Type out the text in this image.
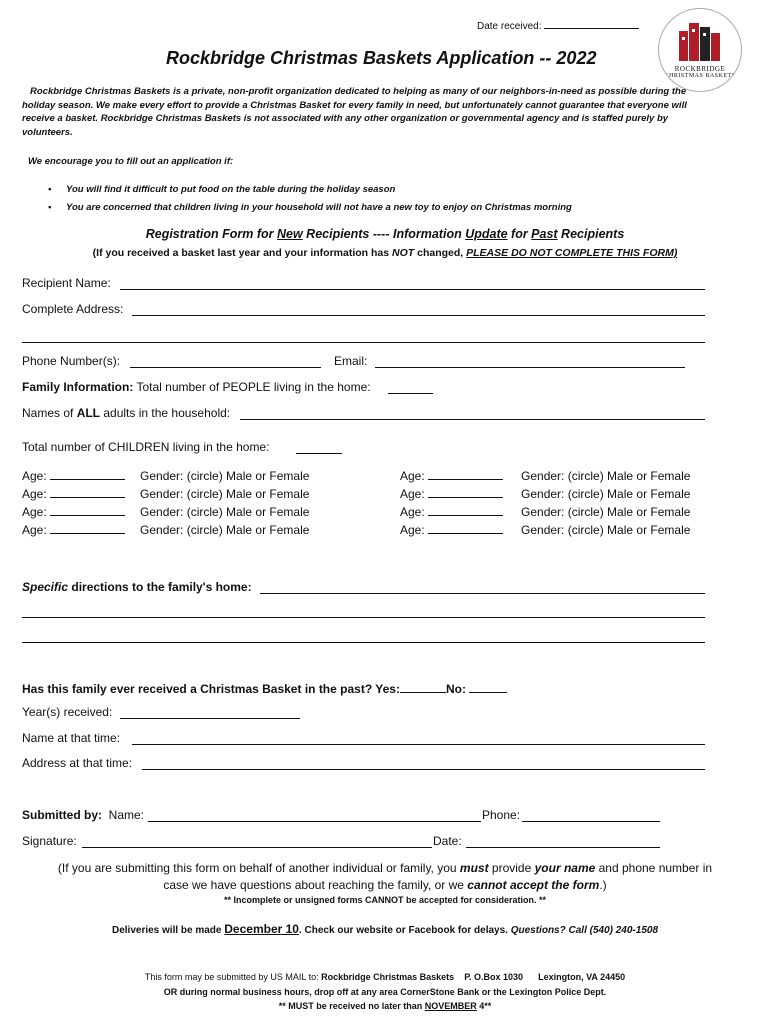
Date received:
ROCKBRIDGE
CHRISTMAS BASKETS
Rockbridge Christmas Baskets Application -- 2022
Rockbridge Christmas Baskets is a private, non-profit organization dedicated to helping as many of our neighbors-in-need as possible during the holiday season. We make every effort to provide a Christmas Basket for every family in need, but unfortunately cannot guarantee that everyone will receive a basket. Rockbridge Christmas Baskets is not associated with any other organization or governmental agency and is staffed purely by volunteers.
We encourage you to fill out an application if:
• You will find it difficult to put food on the table during the holiday season
• You are concerned that children living in your household will not have a new toy to enjoy on Christmas morning
Registration Form for New Recipients ---- Information Update for Past Recipients
(If you received a basket last year and your information has NOT changed, PLEASE DO NOT COMPLETE THIS FORM)
Recipient Name:
Complete Address:
Phone Number(s):	Email:
Family Information: Total number of PEOPLE living in the home:
Names of ALL adults in the household:
Total number of CHILDREN living in the home:
Age:	Gender: (circle) Male or Female
Age:	Gender: (circle) Male or Female
Age:	Gender: (circle) Male or Female
Age:	Gender: (circle) Male or Female
Age:	Gender: (circle) Male or Female
Age:	Gender: (circle) Male or Female
Age:	Gender: (circle) Male or Female
Age:	Gender: (circle) Male or Female
Specific directions to the family's home:
Has this family ever received a Christmas Basket in the past? Yes:	No:
Year(s) received:
Name at that time:
Address at that time:
Submitted by: Name:	Phone:
Signature:	Date:
(If you are submitting this form on behalf of another individual or family, you must provide your name and phone number in
case we have questions about reaching the family, or we cannot accept the form.)
** Incomplete or unsigned forms CANNOT be accepted for consideration. **
Deliveries will be made December 10. Check our website or Facebook for delays. Questions? Call (540) 240-1508
This form may be submitted by US MAIL to: Rockbridge Christmas Baskets P. O.Box 1030 Lexington, VA 24450
OR during normal business hours, drop off at any area CornerStone Bank or the Lexington Police Dept.
** MUST be received no later than NOVEMBER 4**
